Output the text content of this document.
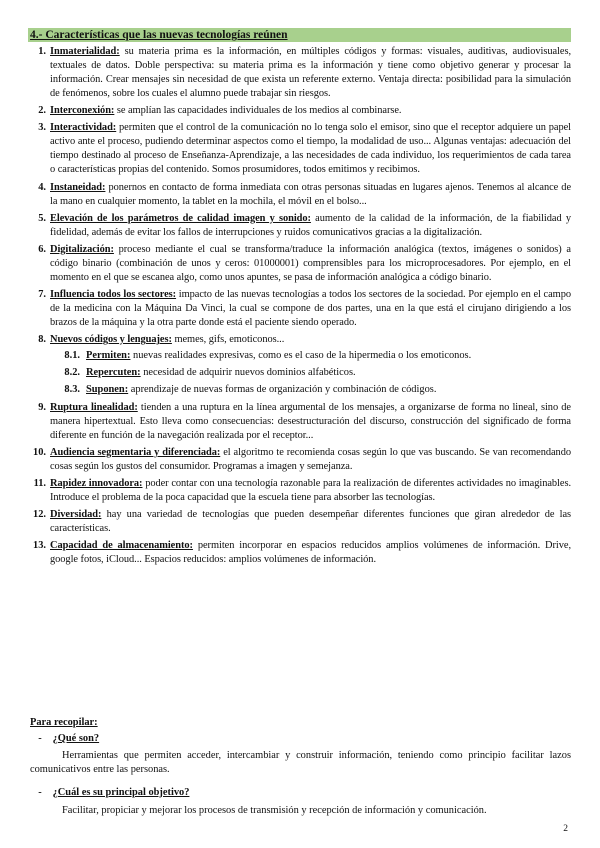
4.- Características que las nuevas tecnologías reúnen
1. Inmaterialidad: su materia prima es la información, en múltiples códigos y formas: visuales, auditivas, audiovisuales, textuales de datos. Doble perspectiva: su materia prima es la información y tiene como objetivo generar y procesar la información. Crear mensajes sin necesidad de que exista un referente externo. Ventaja directa: posibilidad para la simulación de fenómenos, sobre los cuales el alumno puede trabajar sin riesgos.
2. Interconexión: se amplían las capacidades individuales de los medios al combinarse.
3. Interactividad: permiten que el control de la comunicación no lo tenga solo el emisor, sino que el receptor adquiere un papel activo ante el proceso, pudiendo determinar aspectos como el tiempo, la modalidad de uso... Algunas ventajas: adecuación del tiempo destinado al proceso de Enseñanza-Aprendizaje, a las necesidades de cada individuo, los requerimientos de cada tarea o características propias del contenido. Somos prosumidores, todos emitimos y recibimos.
4. Instaneidad: ponernos en contacto de forma inmediata con otras personas situadas en lugares ajenos. Tenemos al alcance de la mano en cualquier momento, la tablet en la mochila, el móvil en el bolso...
5. Elevación de los parámetros de calidad imagen y sonido: aumento de la calidad de la información, de la fiabilidad y fidelidad, además de evitar los fallos de interrupciones y ruidos comunicativos gracias a la digitalización.
6. Digitalización: proceso mediante el cual se transforma/traduce la información analógica (textos, imágenes o sonidos) a código binario (combinación de unos y ceros: 01000001) comprensibles para los microprocesadores. Por ejemplo, en el momento en el que se escanea algo, como unos apuntes, se pasa de información analógica a código binario.
7. Influencia todos los sectores: impacto de las nuevas tecnologías a todos los sectores de la sociedad. Por ejemplo en el campo de la medicina con la Máquina Da Vinci, la cual se compone de dos partes, una en la que está el cirujano dirigiendo a los brazos de la máquina y la otra parte donde está el paciente siendo operado.
8. Nuevos códigos y lenguajes: memes, gifs, emoticonos...
8.1. Permiten: nuevas realidades expresivas, como es el caso de la hipermedia o los emoticonos.
8.2. Repercuten: necesidad de adquirir nuevos dominios alfabéticos.
8.3. Suponen: aprendizaje de nuevas formas de organización y combinación de códigos.
9. Ruptura linealidad: tienden a una ruptura en la línea argumental de los mensajes, a organizarse de forma no lineal, sino de manera hipertextual. Esto lleva como consecuencias: desestructuración del discurso, construcción del significado de forma diferente en función de la navegación realizada por el receptor...
10. Audiencia segmentaria y diferenciada: el algoritmo te recomienda cosas según lo que vas buscando. Se van recomendando cosas según los gustos del consumidor. Programas a imagen y semejanza.
11. Rapidez innovadora: poder contar con una tecnología razonable para la realización de diferentes actividades no imaginables. Introduce el problema de la poca capacidad que la escuela tiene para absorber las tecnologías.
12. Diversidad: hay una variedad de tecnologías que pueden desempeñar diferentes funciones que giran alrededor de las características.
13. Capacidad de almacenamiento: permiten incorporar en espacios reducidos amplios volúmenes de información. Drive, google fotos, iCloud... Espacios reducidos: amplios volúmenes de información.
Para recopilar:
- ¿Qué son?
Herramientas que permiten acceder, intercambiar y construir información, teniendo como principio facilitar lazos comunicativos entre las personas.
- ¿Cuál es su principal objetivo?
Facilitar, propiciar y mejorar los procesos de transmisión y recepción de información y comunicación.
2
